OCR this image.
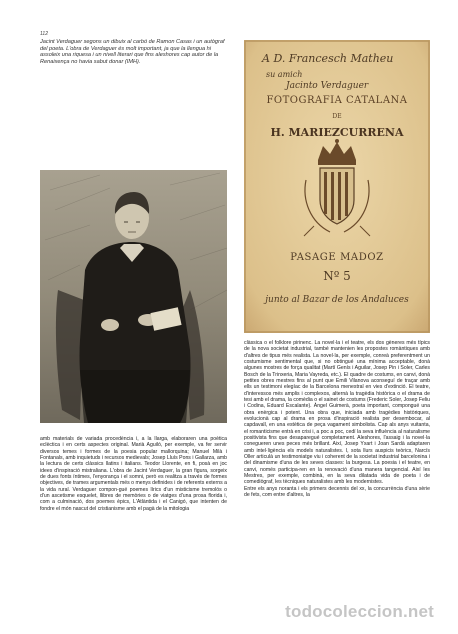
112

Jacint Verdaguer segons un dibuix al carbó de Ramon Casas i un autògraf del poeta. L'obra de Verdaguer és molt important, ja que la llengua hi assoleix una riquesa i un nivell literari que fins aleshores cap autor de la Renaixença no havia sabut donar (IMH).	A D. Francesch Matheu
su amich
Jacinto Verdaguer
FOTOGRAFIA CATALANA
DE
H. MARIEZCURRENA
PASAGE MADOZ
Nº 5
junto al Bazar de los Andaluces

amb materials de variada procedència i, a la llarga, elaboraren una poètica eclèctica i en certs aspectes original. Marià Aguiló, per exemple, va fer servir diversos temes i formes de la poesia popular mallorquina; Manuel Milà i Fontanals, amb inquietuds i recursos medievals; Josep Lluís Pons i Gallarza, amb la lectura de certs clàssics llatins i italians. Teodor Llorente, en fi, posà en joc idees d'inspiració mistraliana. L'obra de Jacint Verdaguer, la gran figura, sorgeix de dues fonts íntimes, l'enyorança i el somni, però es realitza a través de formes objectives, de trames argumentals més o menys definides i de referents externs a la vida rural. Verdaguer compon-gué poemes lírics d'un misticisme tremolós o d'un ascetisme esquelet, llibres de memòries o de viatges d'una prosa florida i, com a culminació, dos poemes èpics, L'Atlàntida i el Canigó, que intenten de fondre el món nascut del cristianisme amb el pagà de la mitologia

clàssica o el folklore pirinenc. La novel·la i el teatre, els dos gèneres més típics de la nova societat industrial, també mantenien les propostes romàntiques amb d'altres de tipus més realista. La novel·la, per exemple, conreà preferentment un costumisme sentimental que, si no obtingué una mínima acceptable, donà algunes mostres de força qualitat (Martí Genís i Aguilar, Josep Pin i Soler, Carles Bosch de la Trinxeria, Maria Vayreda, etc.). El quadre de costums, en canvi, donà petites obres mestres fins al punt que Emili Vilanova aconseguí de traçar amb ells un testimoni elegíac de la Barcelona menestral en vies d'extinció. El teatre, d'interessos més amplis i complexos, alternà la tragèdia històrica o el drama de tesi amb el drama, la comèdia o el sainet de costums (Frederic Soler, Josep Feliu i Codina, Eduard Escalante). Àngel Guimerà, poeta important, compongué una obra enèrgica i potent. Una obra que, iniciada amb tragèdies històriques, evolucionà cap al drama en prosa d'inspiració realista per desembocar, al capdavall, en una estètica de peça vagament simbolista. Cap als anys vuitanta, el romanticisme entrà en crisi i, a poc a poc, cedí la seva influència al naturalisme positivista fins que desaparegué completament. Aleshores, l'assaig i la novel·la conegueren unes peces més brillant. Així, Josep Yxart i Joan Sardà adaptaren amb intel·ligència els models naturalistes. I, sota llurs auspicis teòrics, Narcís Oller articulà un testimoniatge viu i coherent de la societat industrial barcelonina i del dinamisme d'una de les seves classes: la burgesa. La poesia i el teatre, en canvi, només participa-ren en la renovació d'una manera tangencial. Així les Mestres, per exemple, combinà, en la seva dilatada vida de poeta i de comediògraf, les tècniques naturalistes amb les modernistes.

Entre els anys noranta i els primers decennis del xx, la concurrència d'una sèrie de fets, com entre d'altres, la

todocoleccion.net
